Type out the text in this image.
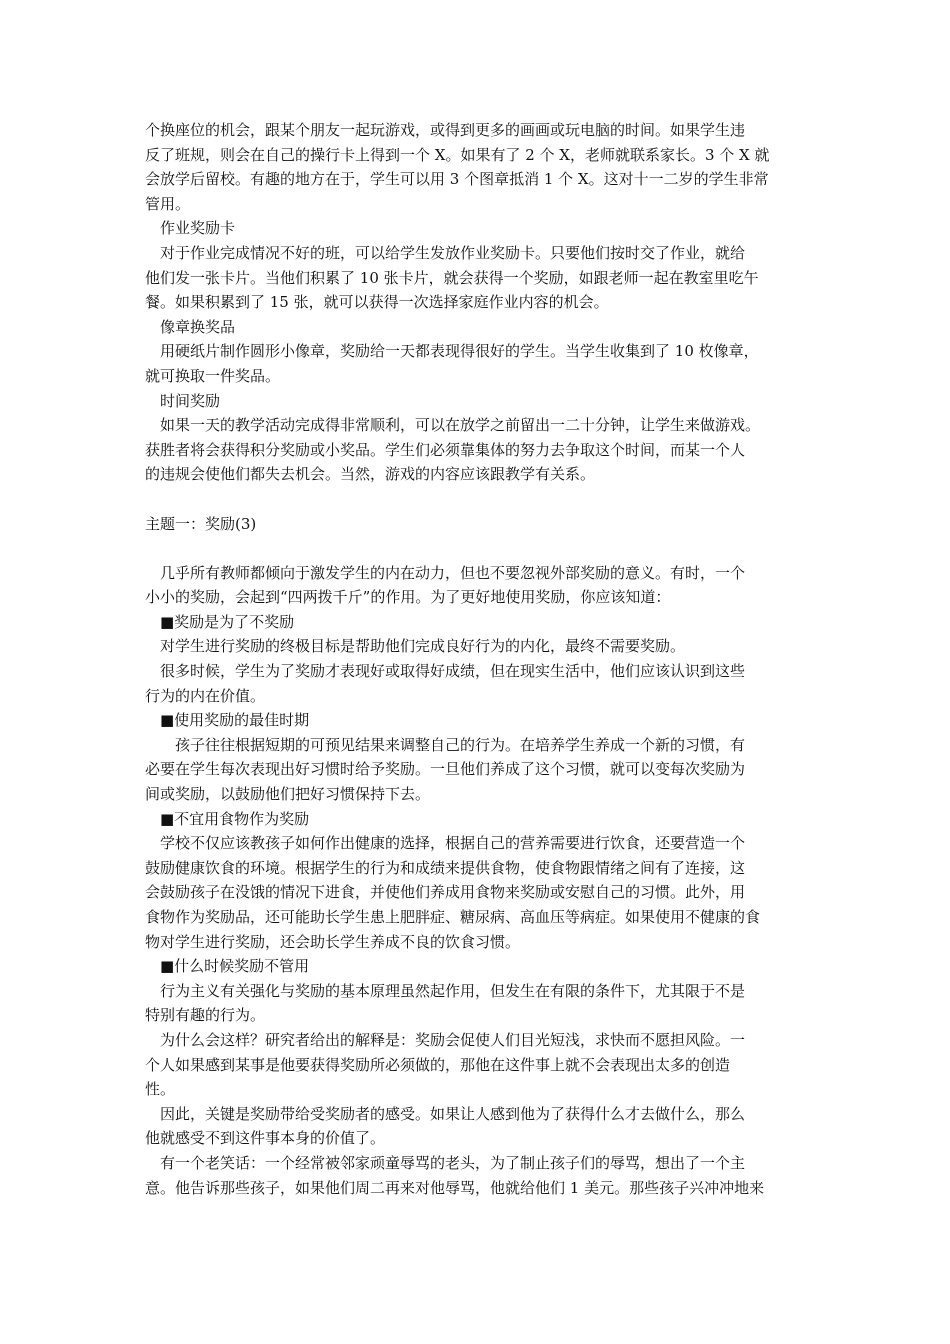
个换座位的机会，跟某个朋友一起玩游戏，或得到更多的画画或玩电脑的时间。如果学生违
反了班规，则会在自己的操行卡上得到一个 X。如果有了 2 个 X，老师就联系家长。3 个 X 就
会放学后留校。有趣的地方在于，学生可以用 3 个图章抵消 1 个 X。这对十一二岁的学生非常
管用。
　作业奖励卡
　对于作业完成情况不好的班，可以给学生发放作业奖励卡。只要他们按时交了作业，就给
他们发一张卡片。当他们积累了 10 张卡片，就会获得一个奖励，如跟老师一起在教室里吃午
餐。如果积累到了 15 张，就可以获得一次选择家庭作业内容的机会。
　像章换奖品
　用硬纸片制作圆形小像章，奖励给一天都表现得很好的学生。当学生收集到了 10 枚像章，
就可换取一件奖品。
　时间奖励
　如果一天的教学活动完成得非常顺利，可以在放学之前留出一二十分钟，让学生来做游戏。
获胜者将会获得积分奖励或小奖品。学生们必须靠集体的努力去争取这个时间，而某一个人
的违规会使他们都失去机会。当然，游戏的内容应该跟教学有关系。
主题一：奖励(3)
　几乎所有教师都倾向于激发学生的内在动力，但也不要忽视外部奖励的意义。有时，一个
小小的奖励，会起到“四两拨千斤”的作用。为了更好地使用奖励，你应该知道：
　■奖励是为了不奖励
　对学生进行奖励的终极目标是帮助他们完成良好行为的内化，最终不需要奖励。
　很多时候，学生为了奖励才表现好或取得好成绩，但在现实生活中，他们应该认识到这些
行为的内在价值。
　■使用奖励的最佳时期
　　孩子往往根据短期的可预见结果来调整自己的行为。在培养学生养成一个新的习惯，有
必要在学生每次表现出好习惯时给予奖励。一旦他们养成了这个习惯，就可以变每次奖励为
间或奖励，以鼓励他们把好习惯保持下去。
　■不宜用食物作为奖励
　学校不仅应该教孩子如何作出健康的选择，根据自己的营养需要进行饮食，还要营造一个
鼓励健康饮食的环境。根据学生的行为和成绩来提供食物，使食物跟情绪之间有了连接，这
会鼓励孩子在没饿的情况下进食，并使他们养成用食物来奖励或安慰自己的习惯。此外，用
食物作为奖励品，还可能助长学生患上肥胖症、糖尿病、高血压等病症。如果使用不健康的食
物对学生进行奖励，还会助长学生养成不良的饮食习惯。
　■什么时候奖励不管用
　行为主义有关强化与奖励的基本原理虽然起作用，但发生在有限的条件下，尤其限于不是
特别有趣的行为。
　为什么会这样？研究者给出的解释是：奖励会促使人们目光短浅，求快而不愿担风险。一
个人如果感到某事是他要获得奖励所必须做的，那他在这件事上就不会表现出太多的创造
性。
　因此，关键是奖励带给受奖励者的感受。如果让人感到他为了获得什么才去做什么，那么
他就感受不到这件事本身的价值了。
　有一个老笑话：一个经常被邻家顽童辱骂的老头，为了制止孩子们的辱骂，想出了一个主
意。他告诉那些孩子，如果他们周二再来对他辱骂，他就给他们 1 美元。那些孩子兴冲冲地来
